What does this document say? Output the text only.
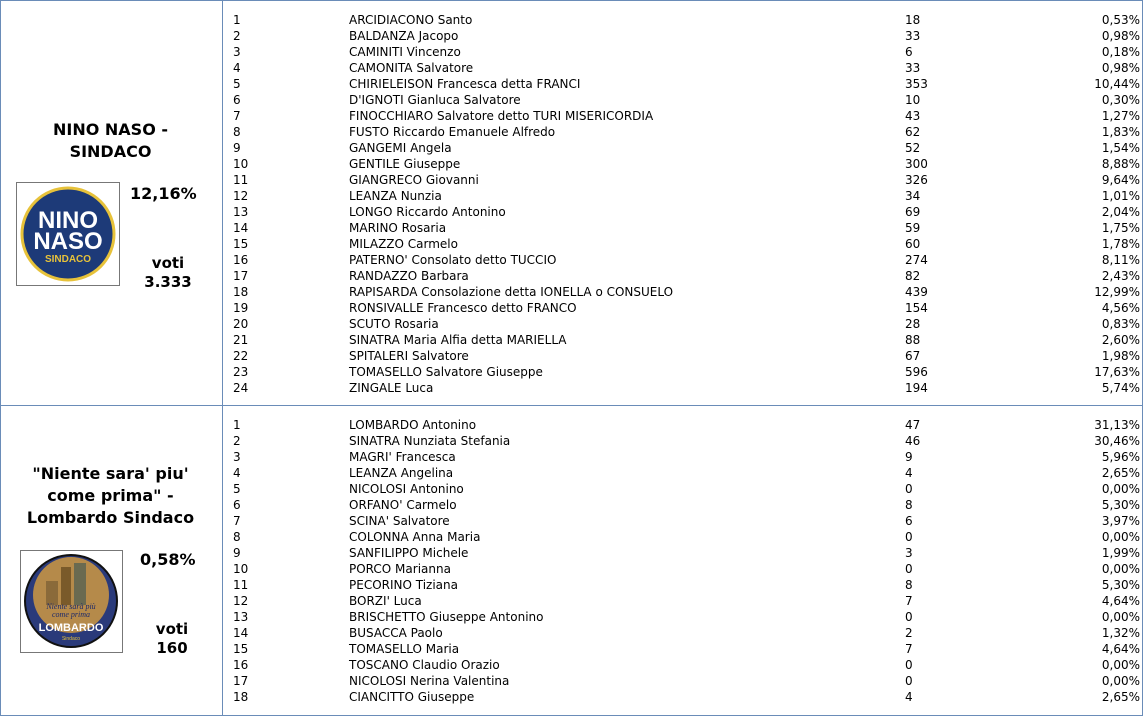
NINO NASO -
SINDACO
NINO
NASO
SINDACO
12,16%
voti
3.333
1	ARCIDIACONO Santo	18	0,53%
2	BALDANZA Jacopo	33	0,98%
3	CAMINITI Vincenzo	6	0,18%
4	CAMONITA Salvatore	33	0,98%
5	CHIRIELEISON Francesca detta FRANCI	353	10,44%
6	D'IGNOTI Gianluca Salvatore	10	0,30%
7	FINOCCHIARO Salvatore detto TURI MISERICORDIA	43	1,27%
8	FUSTO Riccardo Emanuele Alfredo	62	1,83%
9	GANGEMI Angela	52	1,54%
10	GENTILE Giuseppe	300	8,88%
11	GIANGRECO Giovanni	326	9,64%
12	LEANZA Nunzia	34	1,01%
13	LONGO Riccardo Antonino	69	2,04%
14	MARINO Rosaria	59	1,75%
15	MILAZZO Carmelo	60	1,78%
16	PATERNO' Consolato detto TUCCIO	274	8,11%
17	RANDAZZO Barbara	82	2,43%
18	RAPISARDA Consolazione detta IONELLA o CONSUELO	439	12,99%
19	RONSIVALLE Francesco detto FRANCO	154	4,56%
20	SCUTO Rosaria	28	0,83%
21	SINATRA Maria Alfia detta MARIELLA	88	2,60%
22	SPITALERI Salvatore	67	1,98%
23	TOMASELLO Salvatore Giuseppe	596	17,63%
24	ZINGALE Luca	194	5,74%
"Niente sara' piu'
come prima" -
Lombardo Sindaco
Niente sarà più
come prima
LOMBARDO
Sindaco
0,58%
voti
160
1	LOMBARDO Antonino	47	31,13%
2	SINATRA Nunziata Stefania	46	30,46%
3	MAGRI' Francesca	9	5,96%
4	LEANZA Angelina	4	2,65%
5	NICOLOSI Antonino	0	0,00%
6	ORFANO' Carmelo	8	5,30%
7	SCINA' Salvatore	6	3,97%
8	COLONNA Anna Maria	0	0,00%
9	SANFILIPPO Michele	3	1,99%
10	PORCO Marianna	0	0,00%
11	PECORINO Tiziana	8	5,30%
12	BORZI' Luca	7	4,64%
13	BRISCHETTO Giuseppe Antonino	0	0,00%
14	BUSACCA Paolo	2	1,32%
15	TOMASELLO Maria	7	4,64%
16	TOSCANO Claudio Orazio	0	0,00%
17	NICOLOSI Nerina Valentina	0	0,00%
18	CIANCITTO Giuseppe	4	2,65%
